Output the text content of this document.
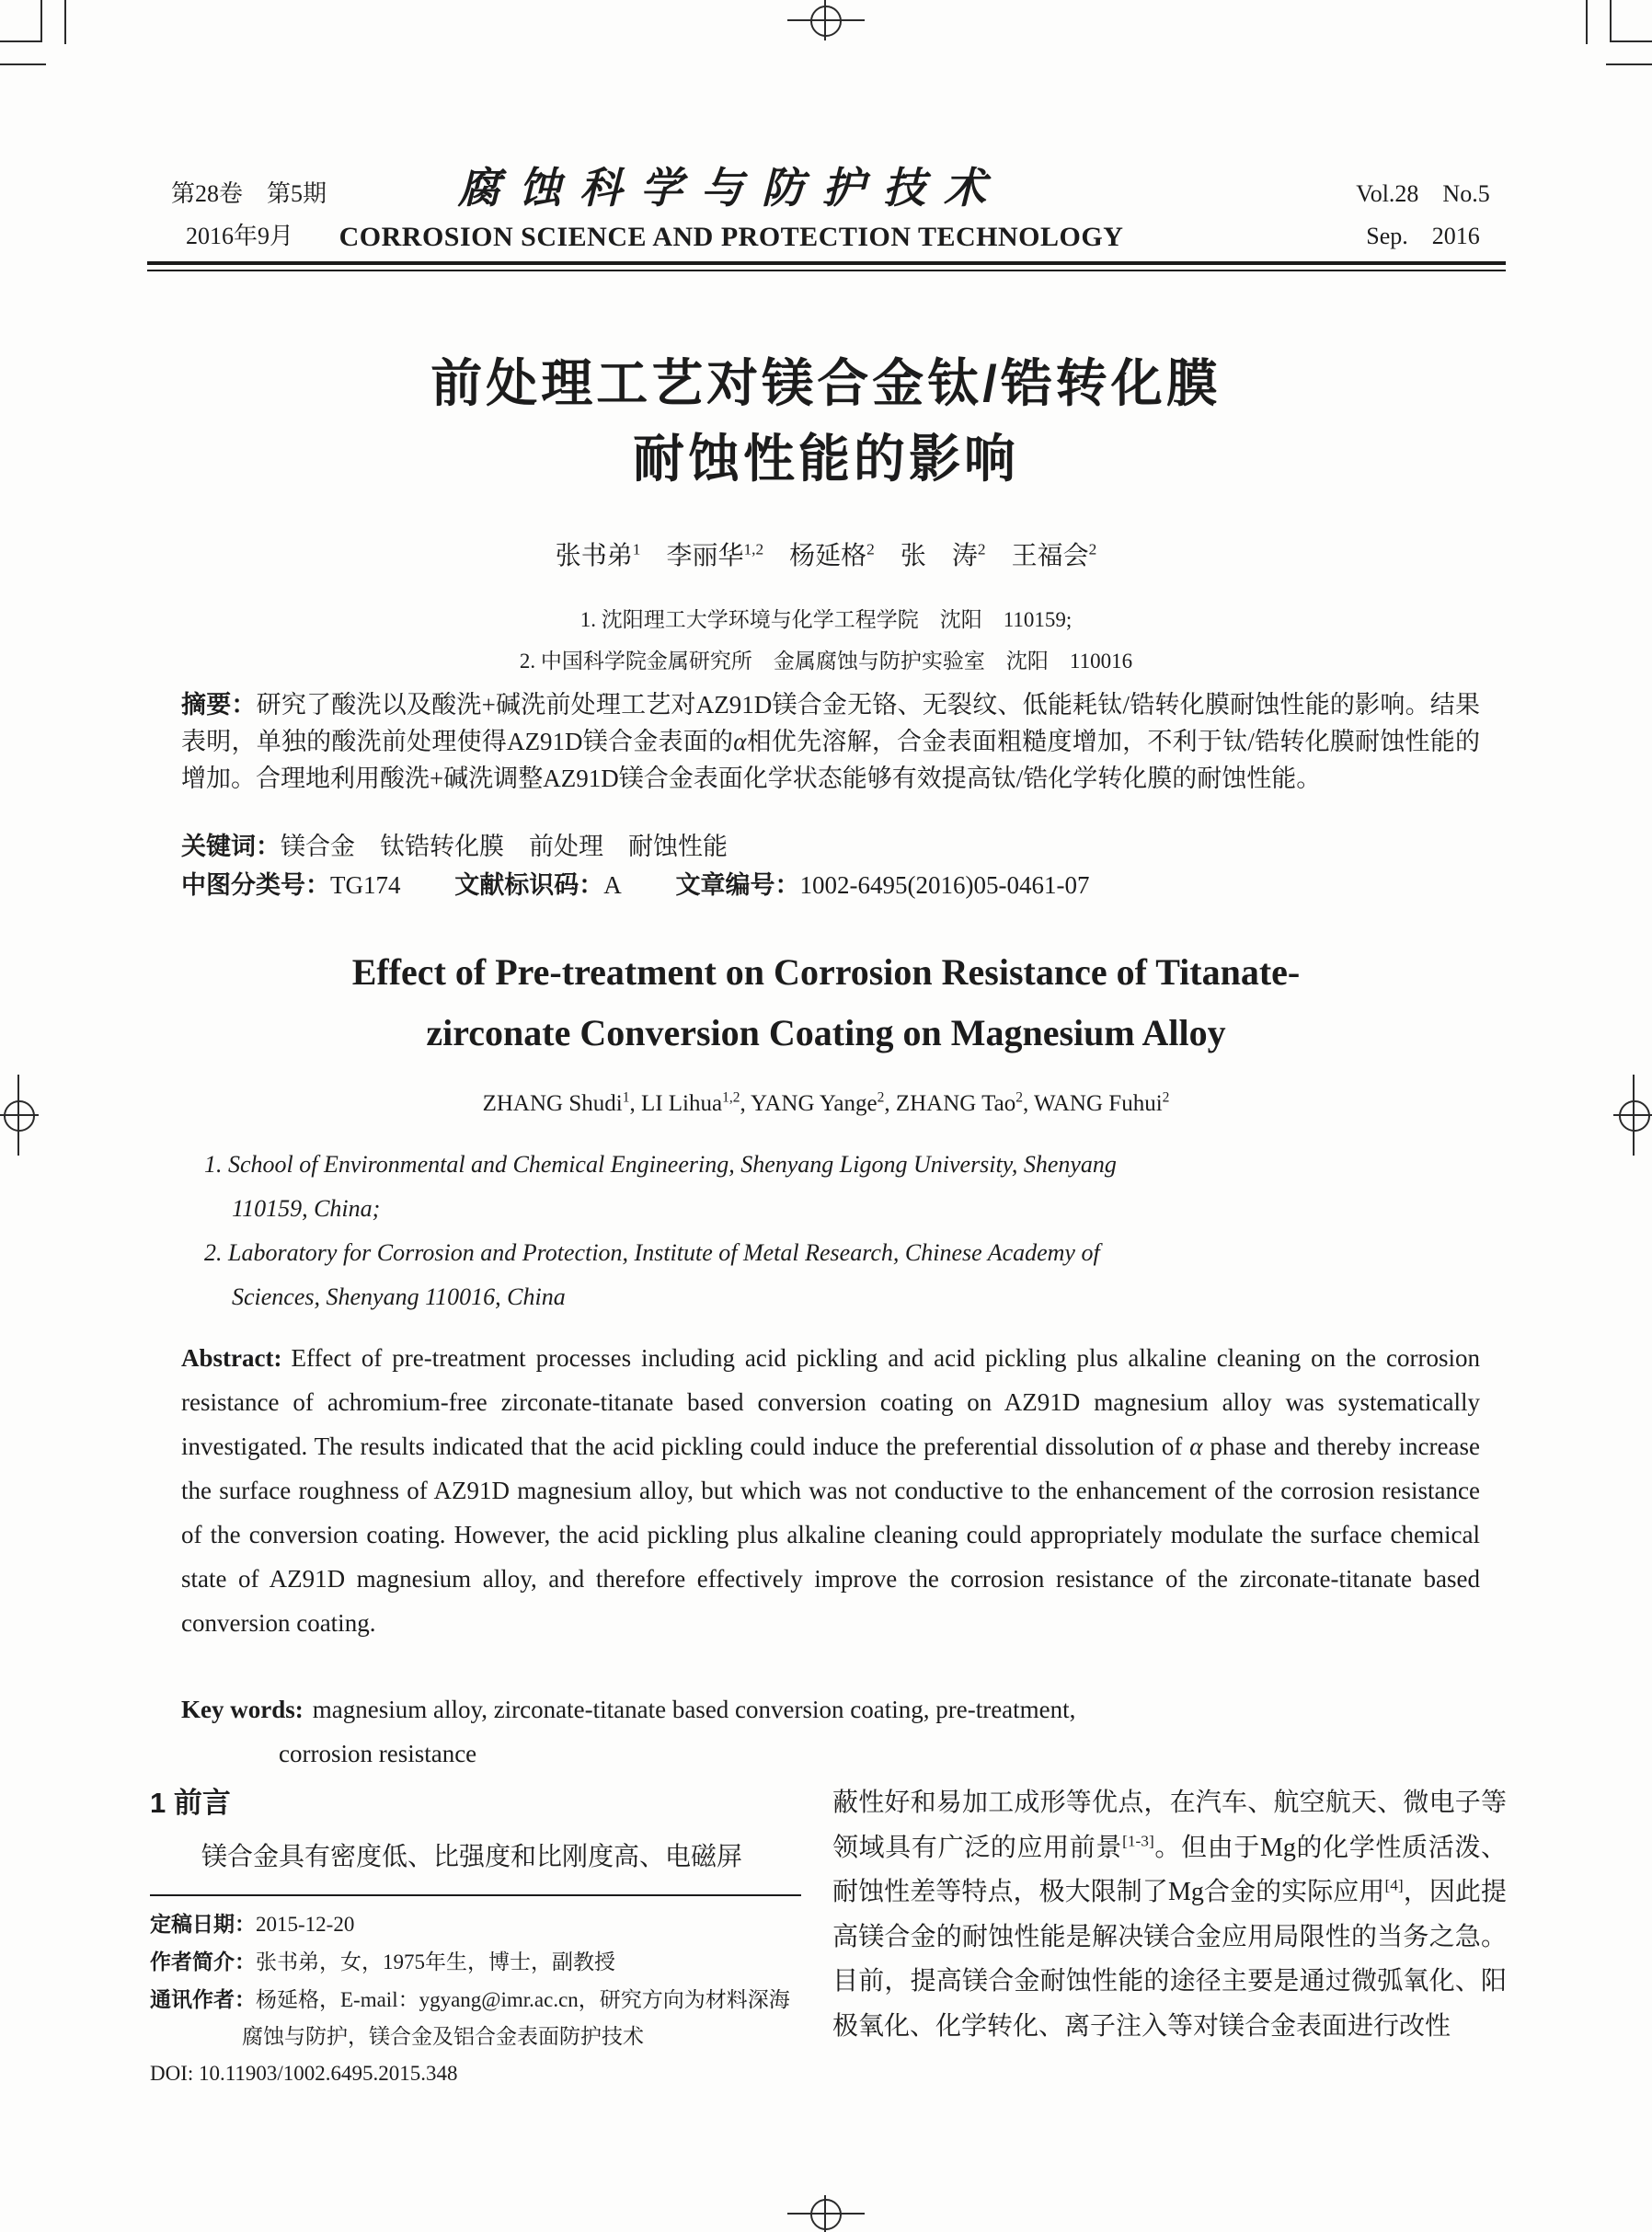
第28卷　第5期
2016年9月
腐蚀科学与防护技术
CORROSION SCIENCE AND PROTECTION TECHNOLOGY
Vol.28　No.5
Sep.　2016
前处理工艺对镁合金钛/锆转化膜
耐蚀性能的影响
张书弟$^1$　李丽华$^{1,2}$　杨延格$^2$　张　涛$^2$　王福会$^2$
1. 沈阳理工大学环境与化学工程学院　沈阳　110159;
2. 中国科学院金属研究所　金属腐蚀与防护实验室　沈阳　110016
摘要：研究了酸洗以及酸洗+碱洗前处理工艺对AZ91D镁合金无铬、无裂纹、低能耗钛/锆转化膜耐蚀性能的影响。结果表明，单独的酸洗前处理使得AZ91D镁合金表面的α相优先溶解，合金表面粗糙度增加，不利于钛/锆转化膜耐蚀性能的增加。合理地利用酸洗+碱洗调整AZ91D镁合金表面化学状态能够有效提高钛/锆化学转化膜的耐蚀性能。
关键词：镁合金　钛锆转化膜　前处理　耐蚀性能
中图分类号：TG174 文献标识码：A 文章编号：1002-6495(2016)05-0461-07
Effect of Pre-treatment on Corrosion Resistance of Titanate-
zirconate Conversion Coating on Magnesium Alloy
ZHANG Shudi$^1$, LI Lihua$^{1,2}$, YANG Yange$^2$, ZHANG Tao$^2$, WANG Fuhui$^2$
1. School of Environmental and Chemical Engineering, Shenyang Ligong University, Shenyang
110159, China;
2. Laboratory for Corrosion and Protection, Institute of Metal Research, Chinese Academy of
Sciences, Shenyang 110016, China
Abstract: Effect of pre-treatment processes including acid pickling and acid pickling plus alkaline cleaning on the corrosion resistance of achromium-free zirconate-titanate based conversion coating on AZ91D magnesium alloy was systematically investigated. The results indicated that the acid pickling could induce the preferential dissolution of α phase and thereby increase the surface roughness of AZ91D magnesium alloy, but which was not conductive to the enhancement of the corrosion resistance of the conversion coating. However, the acid pickling plus alkaline cleaning could appropriately modulate the surface chemical state of AZ91D magnesium alloy, and therefore effectively improve the corrosion resistance of the zirconate-titanate based conversion coating.
Key words: magnesium alloy, zirconate-titanate based conversion coating, pre-treatment,
corrosion resistance
1 前言

镁合金具有密度低、比强度和比刚度高、电磁屏

定稿日期：2015-12-20
作者简介：张书弟，女，1975年生，博士，副教授
通讯作者：杨延格，E-mail：ygyang@imr.ac.cn，研究方向为材料深海
腐蚀与防护，镁合金及铝合金表面防护技术
DOI: 10.11903/1002.6495.2015.348
蔽性好和易加工成形等优点，在汽车、航空航天、微电子等领域具有广泛的应用前景[1-3]。但由于Mg的化学性质活泼、耐蚀性差等特点，极大限制了Mg合金的实际应用[4]，因此提高镁合金的耐蚀性能是解决镁合金应用局限性的当务之急。目前，提高镁合金耐蚀性能的途径主要是通过微弧氧化、阳极氧化、化学转化、离子注入等对镁合金表面进行改性
